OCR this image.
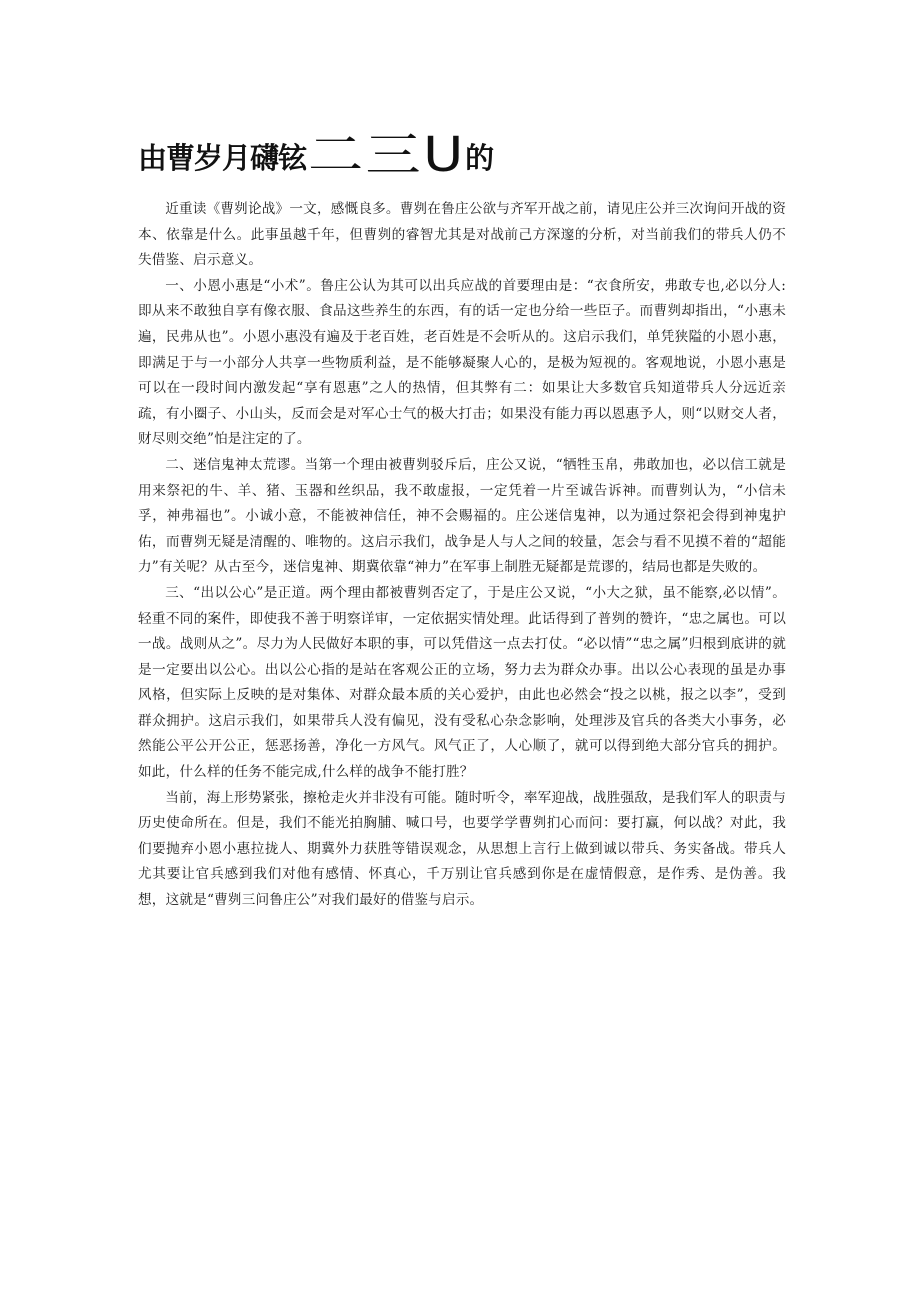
由曹岁月礴铉 二三U 的

近重读《曹刿论战》一文，感慨良多。曹刿在鲁庄公欲与齐军开战之前，请见庄公并三次询问开战的资本、依靠是什么。此事虽越千年，但曹刿的睿智尤其是对战前己方深邃的分析，对当前我们的带兵人仍不失借鉴、启示意义。

一、小恩小惠是“小术”。鲁庄公认为其可以出兵应战的首要理由是：“衣食所安，弗敢专也,必以分人:即从来不敢独自享有像衣服、食品这些养生的东西，有的话一定也分给一些臣子。而曹刿却指出，“小惠未遍，民弗从也”。小恩小惠没有遍及于老百姓，老百姓是不会听从的。这启示我们，单凭狭隘的小恩小惠，即满足于与一小部分人共享一些物质利益，是不能够凝聚人心的，是极为短视的。客观地说，小恩小惠是可以在一段时间内激发起“享有恩惠”之人的热情，但其弊有二：如果让大多数官兵知道带兵人分远近亲疏，有小圈子、小山头，反而会是对军心士气的极大打击；如果没有能力再以恩惠予人，则“以财交人者，财尽则交绝”怕是注定的了。

二、迷信鬼神太荒谬。当第一个理由被曹刿驳斥后，庄公又说，“牺牲玉帛，弗敢加也，必以信工就是用来祭祀的牛、羊、猪、玉器和丝织品，我不敢虚报，一定凭着一片至诚告诉神。而曹刿认为，“小信未孚，神弗福也”。小诚小意，不能被神信任，神不会赐福的。庄公迷信鬼神，以为通过祭祀会得到神鬼护佑，而曹刿无疑是清醒的、唯物的。这启示我们，战争是人与人之间的较量，怎会与看不见摸不着的“超能力”有关呢？从古至今，迷信鬼神、期冀依靠“神力”在军事上制胜无疑都是荒谬的，结局也都是失败的。

三、“出以公心”是正道。两个理由都被曹刿否定了，于是庄公又说，“小大之狱，虽不能察,必以情”。轻重不同的案件，即使我不善于明察详审，一定依据实情处理。此话得到了普刿的赞许，“忠之属也。可以一战。战则从之”。尽力为人民做好本职的事，可以凭借这一点去打仗。“必以情”“忠之属”归根到底讲的就是一定要出以公心。出以公心指的是站在客观公正的立场，努力去为群众办事。出以公心表现的虽是办事风格，但实际上反映的是对集体、对群众最本质的关心爱护，由此也必然会“投之以桃，报之以李”，受到群众拥护。这启示我们，如果带兵人没有偏见，没有受私心杂念影响，处理涉及官兵的各类大小事务，必然能公平公开公正，惩恶扬善，净化一方风气。风气正了，人心顺了，就可以得到绝大部分官兵的拥护。如此，什么样的任务不能完成,什么样的战争不能打胜？

当前，海上形势紧张，擦枪走火并非没有可能。随时听令，率军迎战，战胜强敌，是我们军人的职责与历史使命所在。但是，我们不能光拍胸脯、喊口号，也要学学曹刿扪心而问：要打赢，何以战？对此，我们要抛弃小恩小惠拉拢人、期冀外力获胜等错误观念，从思想上言行上做到诚以带兵、务实备战。带兵人尤其要让官兵感到我们对他有感情、怀真心，千万别让官兵感到你是在虚情假意，是作秀、是伪善。我想，这就是“曹刿三问鲁庄公”对我们最好的借鉴与启示。
